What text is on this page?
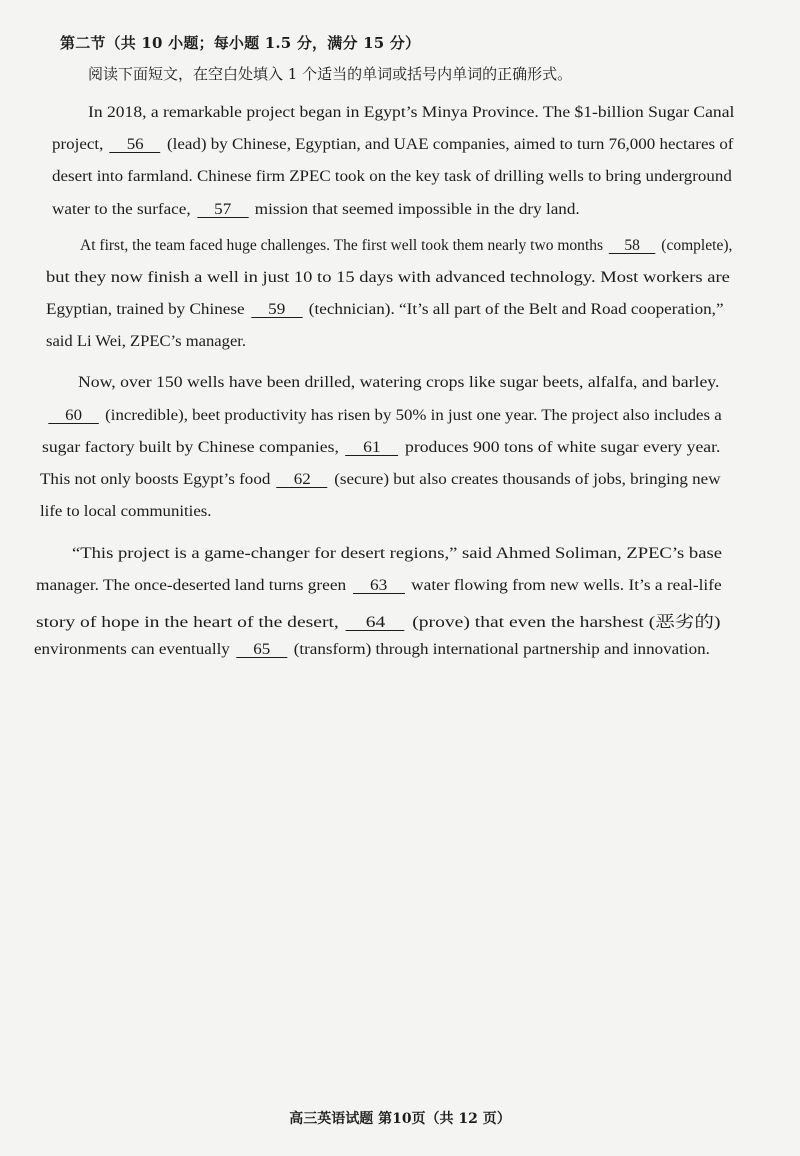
第二节（共 10 小题；每小题 1.5 分，满分 15 分）
阅读下面短文，在空白处填入 1 个适当的单词或括号内单词的正确形式。
In 2018, a remarkable project began in Egypt’s Minya Province. The $1-billion Sugar Canal
project, 56 (lead) by Chinese, Egyptian, and UAE companies, aimed to turn 76,000 hectares of
desert into farmland. Chinese firm ZPEC took on the key task of drilling wells to bring underground
water to the surface, 57 mission that seemed impossible in the dry land.
At first, the team faced huge challenges. The first well took them nearly two months 58 (complete),
but they now finish a well in just 10 to 15 days with advanced technology. Most workers are
Egyptian, trained by Chinese 59 (technician). “It’s all part of the Belt and Road cooperation,”
said Li Wei, ZPEC’s manager.
Now, over 150 wells have been drilled, watering crops like sugar beets, alfalfa, and barley.
60 (incredible), beet productivity has risen by 50% in just one year. The project also includes a
sugar factory built by Chinese companies, 61 produces 900 tons of white sugar every year.
This not only boosts Egypt’s food 62 (secure) but also creates thousands of jobs, bringing new
life to local communities.
“This project is a game-changer for desert regions,” said Ahmed Soliman, ZPEC’s base
manager. The once-deserted land turns green 63 water flowing from new wells. It’s a real-life
story of hope in the heart of the desert, 64 (prove) that even the harshest (恶劣的)
environments can eventually 65 (transform) through international partnership and innovation.
高三英语试题 第10页（共 12 页）
